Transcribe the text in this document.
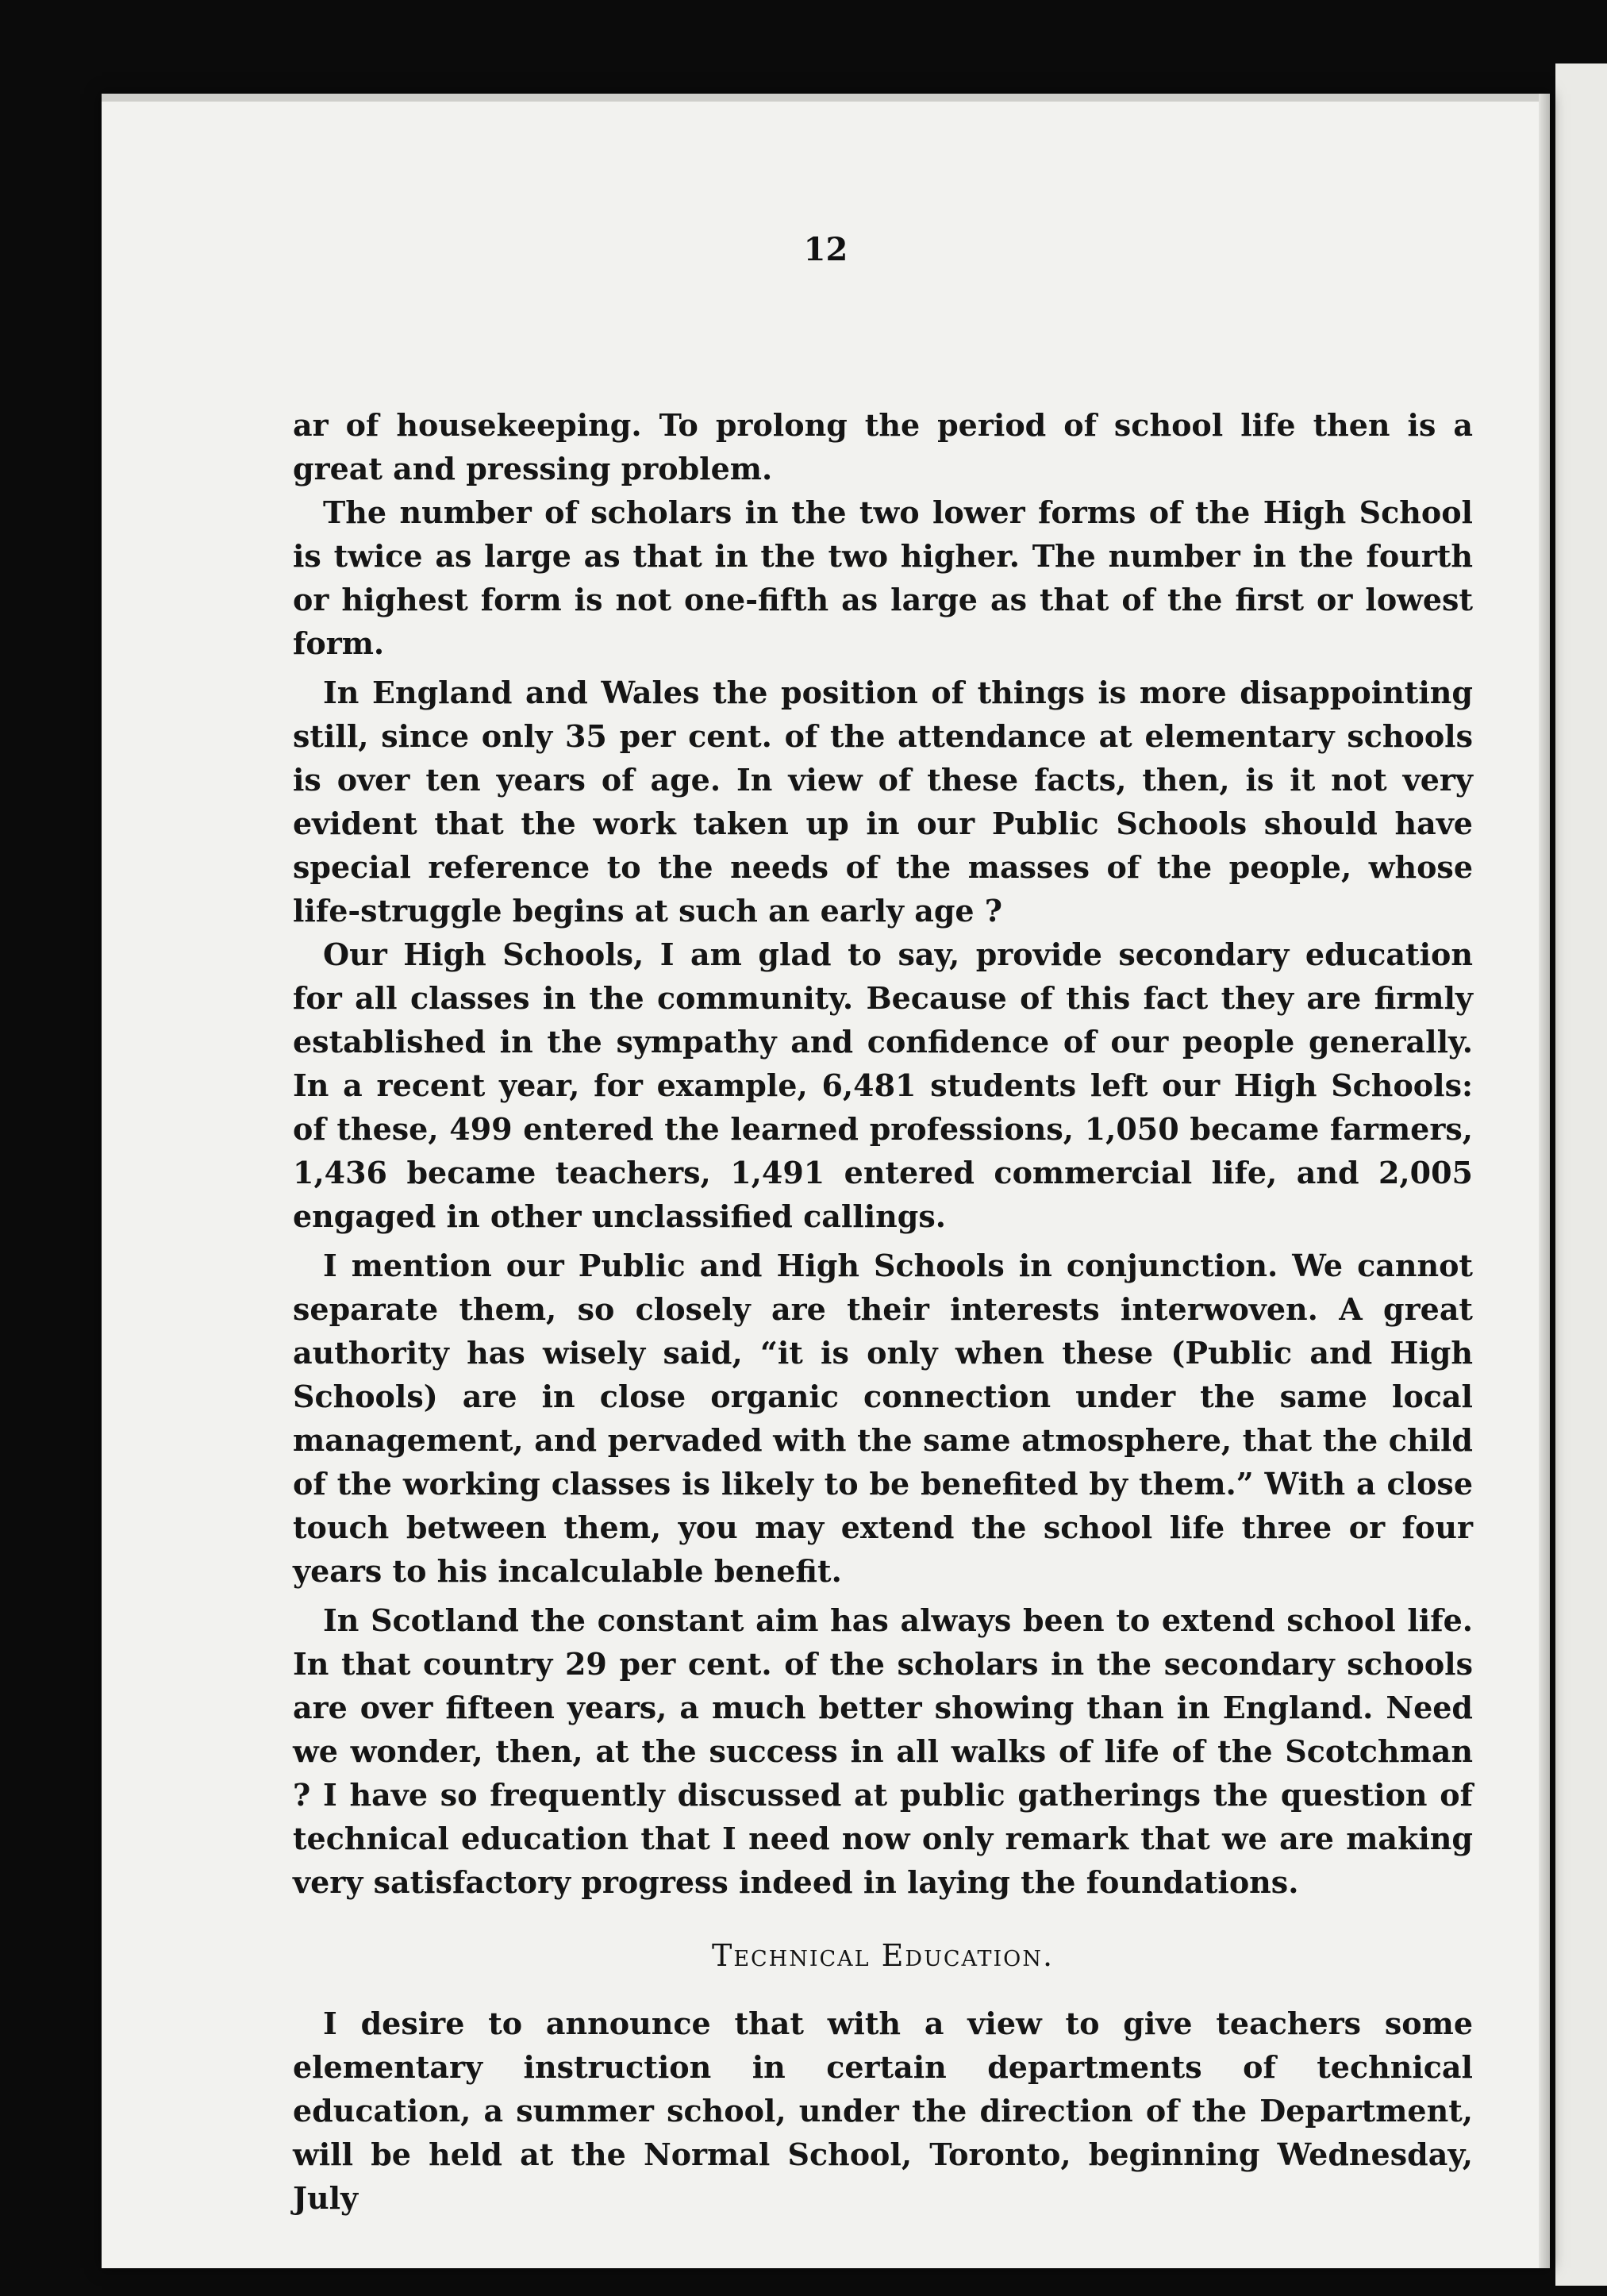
12

ar of housekeeping. To prolong the period of school life then is a great and pressing problem.

The number of scholars in the two lower forms of the High School is twice as large as that in the two higher. The number in the fourth or highest form is not one-fifth as large as that of the first or lowest form.

In England and Wales the position of things is more disappointing still, since only 35 per cent. of the attendance at elementary schools is over ten years of age. In view of these facts, then, is it not very evident that the work taken up in our Public Schools should have special reference to the needs of the masses of the people, whose life-struggle begins at such an early age ?

Our High Schools, I am glad to say, provide secondary education for all classes in the community. Because of this fact they are firmly established in the sympathy and confidence of our people generally. In a recent year, for example, 6,481 students left our High Schools: of these, 499 entered the learned professions, 1,050 became farmers, 1,436 became teachers, 1,491 entered commercial life, and 2,005 engaged in other unclassified callings.

I mention our Public and High Schools in conjunction. We cannot separate them, so closely are their interests interwoven. A great authority has wisely said, “it is only when these (Public and High Schools) are in close organic connection under the same local management, and pervaded with the same atmosphere, that the child of the working classes is likely to be benefited by them.” With a close touch between them, you may extend the school life three or four years to his incalculable benefit.

In Scotland the constant aim has always been to extend school life. In that country 29 per cent. of the scholars in the secondary schools are over fifteen years, a much better showing than in England. Need we wonder, then, at the success in all walks of life of the Scotchman ? I have so frequently discussed at public gatherings the question of technical education that I need now only remark that we are making very satisfactory progress indeed in laying the foundations.

Technical Education.

I desire to announce that with a view to give teachers some elementary instruction in certain departments of technical education, a summer school, under the direction of the Department, will be held at the Normal School, Toronto, beginning Wednesday, July
